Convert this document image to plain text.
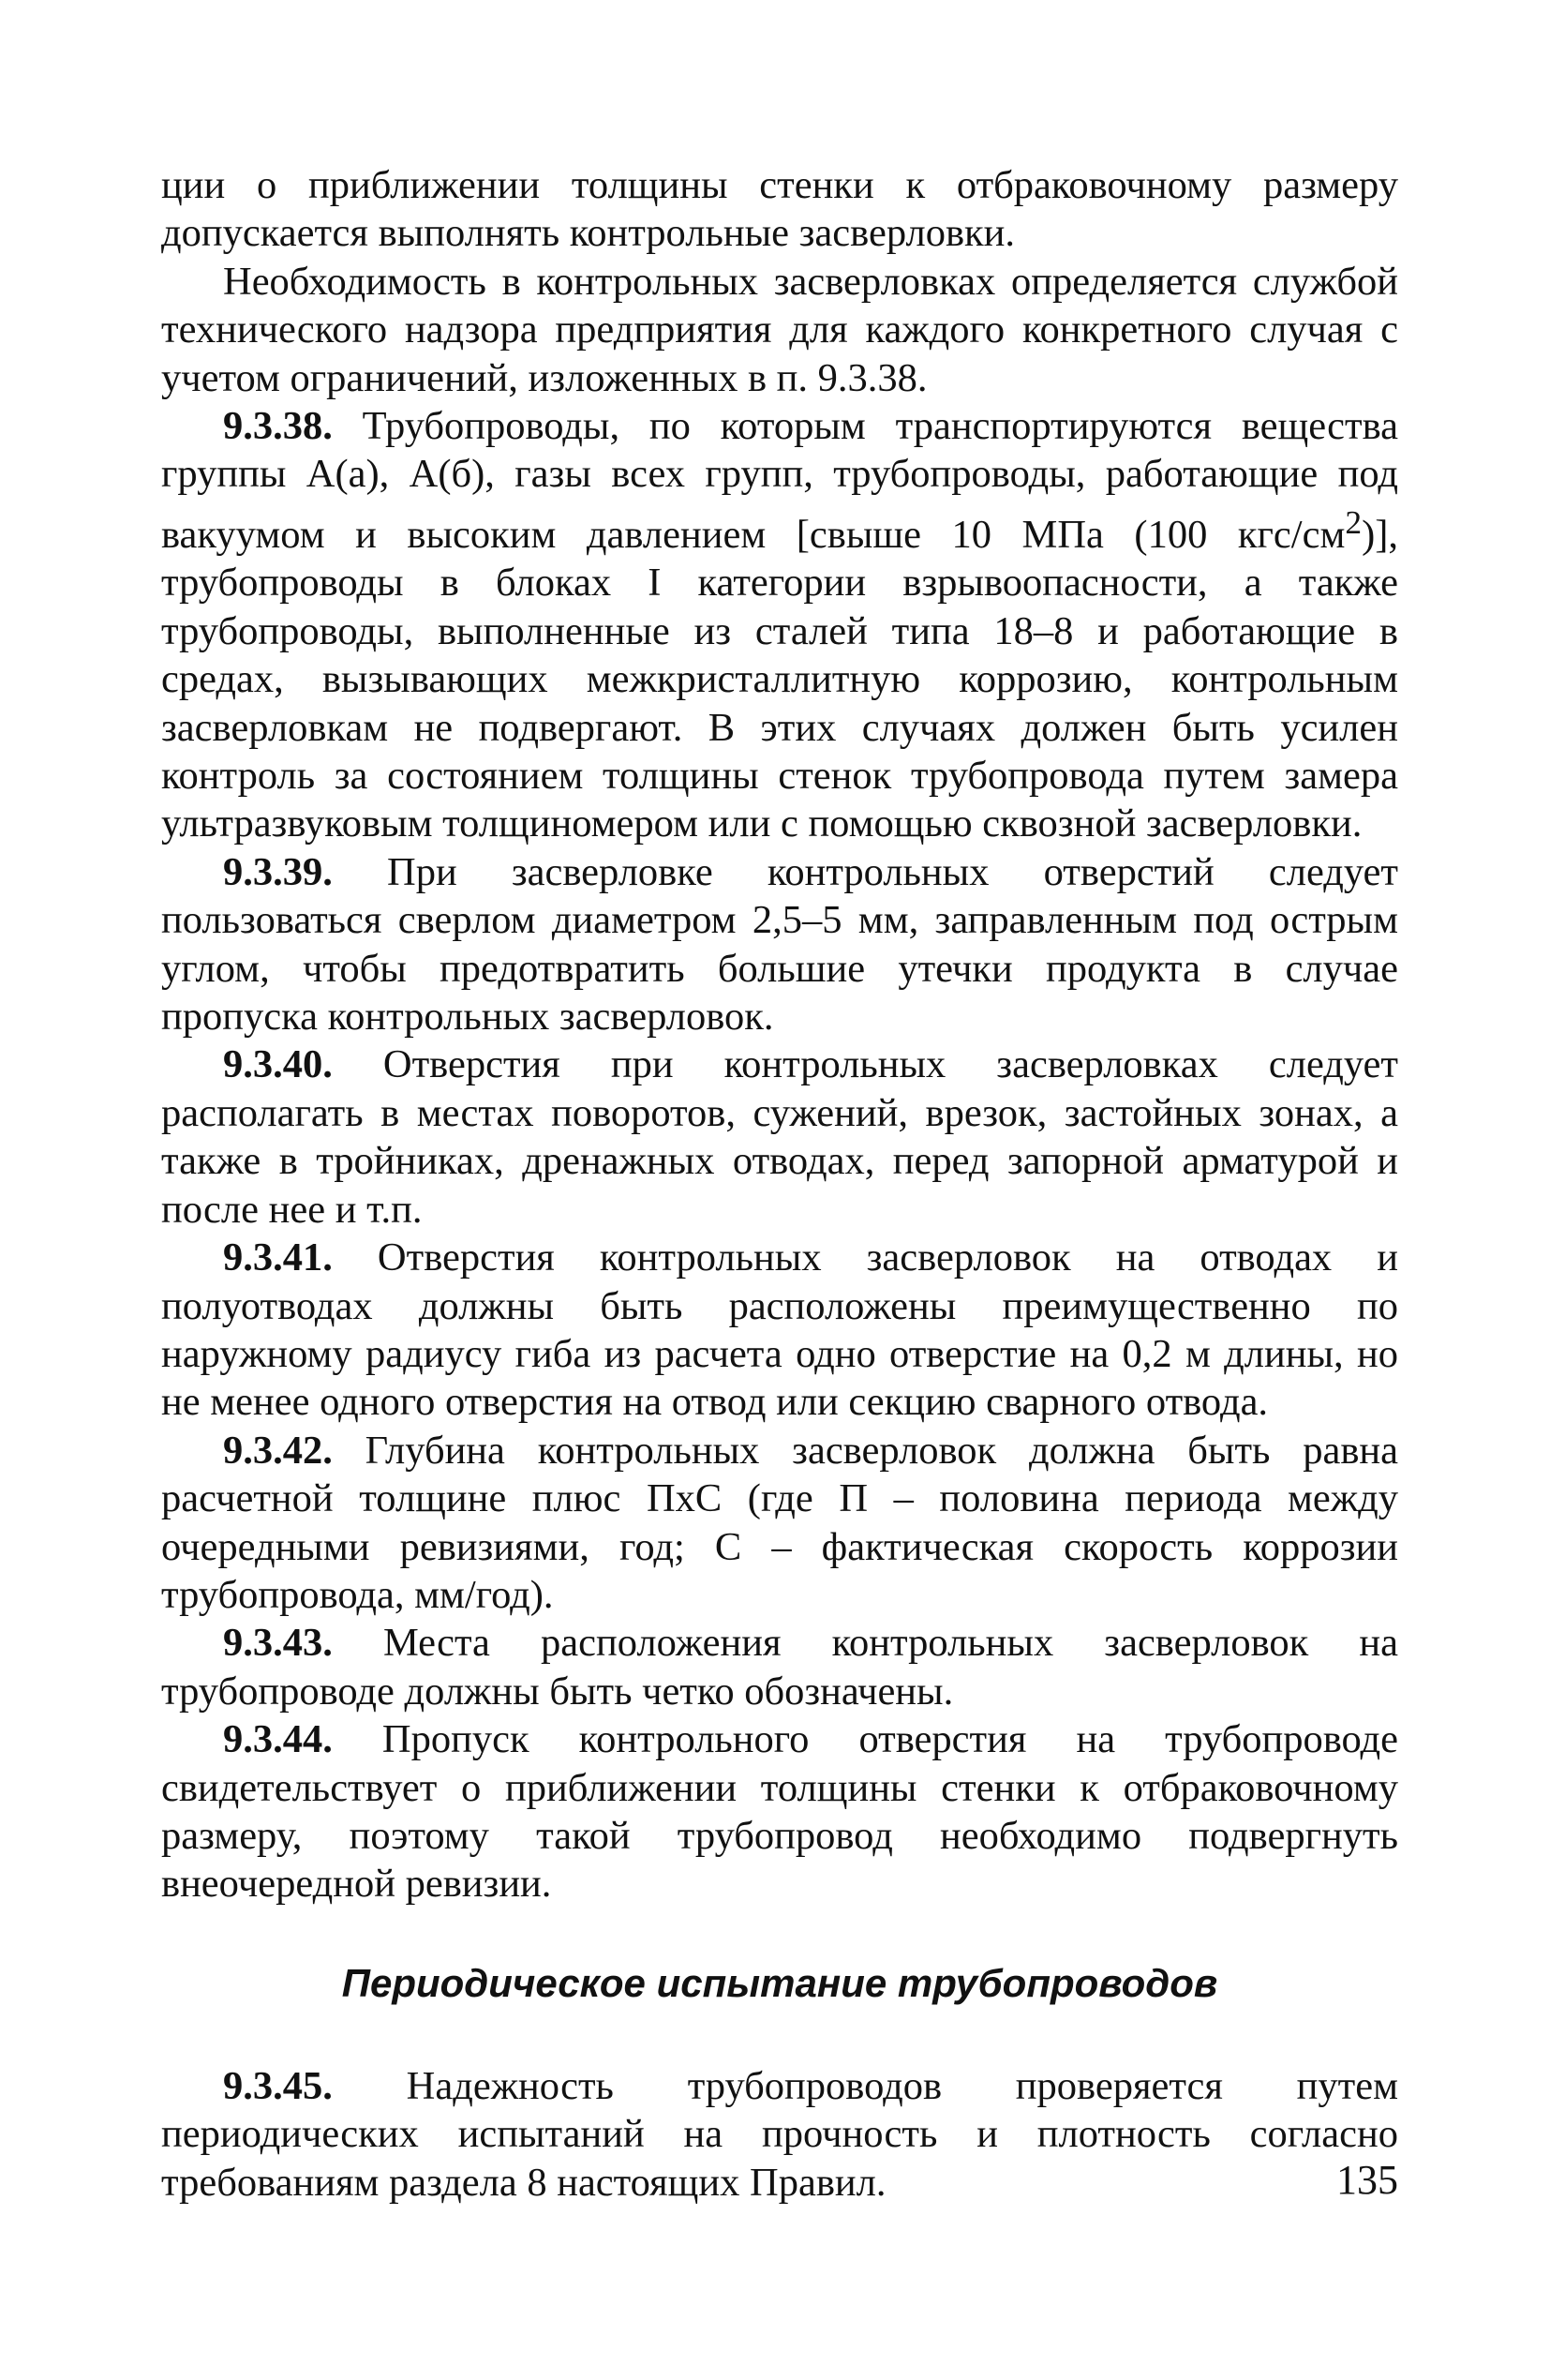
ции о приближении толщины стенки к отбраковочному размеру допускается выполнять контрольные засверловки.

Необходимость в контрольных засверловках определяется службой технического надзора предприятия для каждого конкретного случая с учетом ограничений, изложенных в п. 9.3.38.

9.3.38. Трубопроводы, по которым транспортируются вещества группы А(а), А(б), газы всех групп, трубопроводы, работающие под вакуумом и высоким давлением [свыше 10 МПа (100 кгс/$см^2$)], трубопроводы в блоках I категории взрывоопасности, а также трубопроводы, выполненные из сталей типа 18–8 и работающие в средах, вызывающих межкристаллитную коррозию, контрольным засверловкам не подвергают. В этих случаях должен быть усилен контроль за состоянием толщины стенок трубопровода путем замера ультразвуковым толщиномером или с помощью сквозной засверловки.

9.3.39. При засверловке контрольных отверстий следует пользоваться сверлом диаметром 2,5–5 мм, заправленным под острым углом, чтобы предотвратить большие утечки продукта в случае пропуска контрольных засверловок.

9.3.40. Отверстия при контрольных засверловках следует располагать в местах поворотов, сужений, врезок, застойных зонах, а также в тройниках, дренажных отводах, перед запорной арматурой и после нее и т.п.

9.3.41. Отверстия контрольных засверловок на отводах и полуотводах должны быть расположены преимущественно по наружному радиусу гиба из расчета одно отверстие на 0,2 м длины, но не менее одного отверстия на отвод или секцию сварного отвода.

9.3.42. Глубина контрольных засверловок должна быть равна расчетной толщине плюс ПхС (где П – половина периода между очередными ревизиями, год; С – фактическая скорость коррозии трубопровода, мм/год).

9.3.43. Места расположения контрольных засверловок на трубопроводе должны быть четко обозначены.

9.3.44. Пропуск контрольного отверстия на трубопроводе свидетельствует о приближении толщины стенки к отбраковочному размеру, поэтому такой трубопровод необходимо подвергнуть внеочередной ревизии.

Периодическое испытание трубопроводов

9.3.45. Надежность трубопроводов проверяется путем периодических испытаний на прочность и плотность согласно требованиям раздела 8 настоящих Правил.	135
